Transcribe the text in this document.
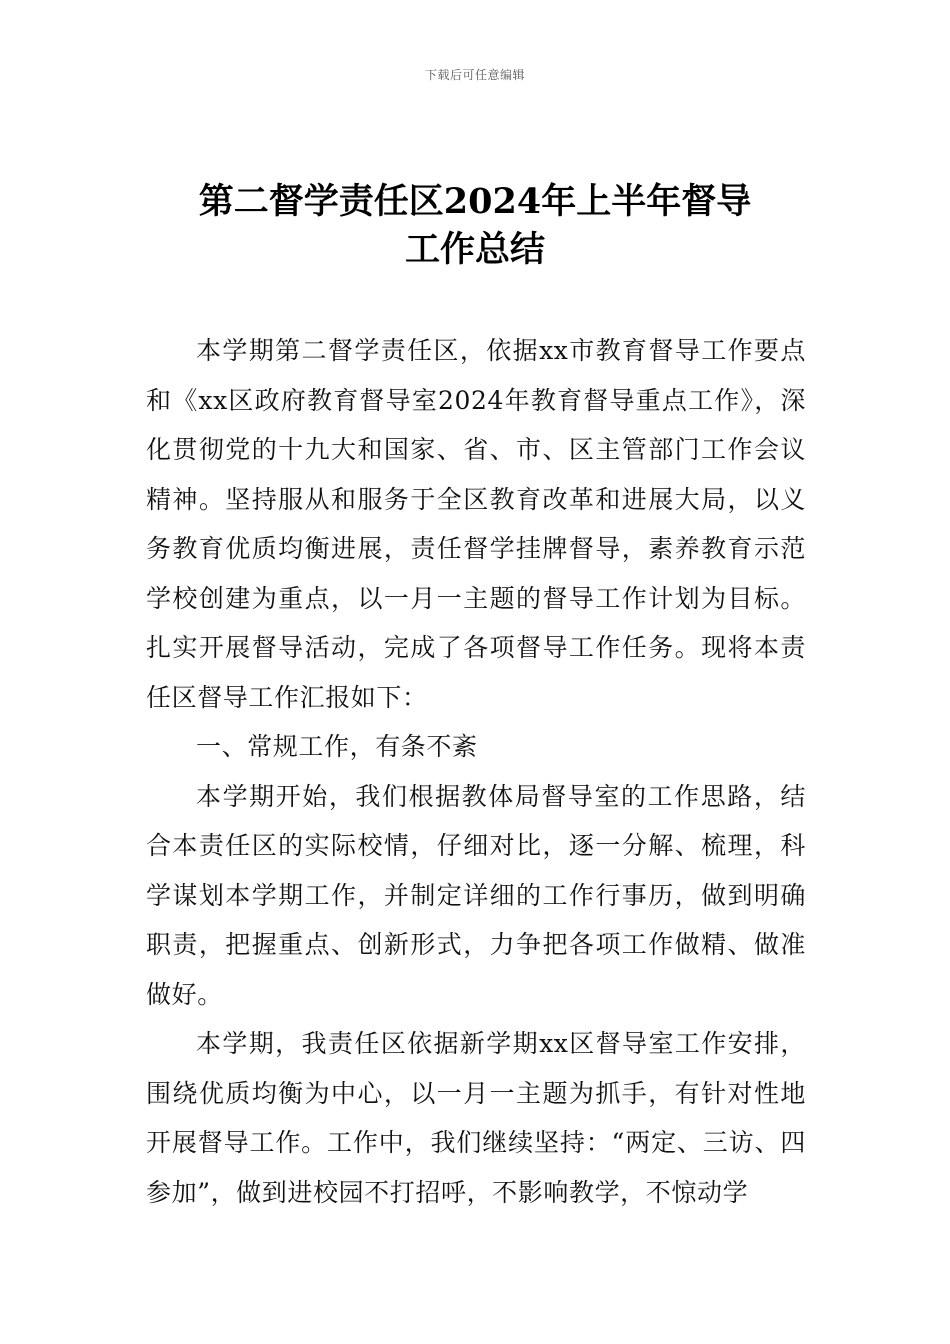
下载后可任意编辑
第二督学责任区2024年上半年督导
工作总结

本学期第二督学责任区，依据xx市教育督导工作要点和《xx区政府教育督导室2024年教育督导重点工作》，深化贯彻党的十九大和国家、省、市、区主管部门工作会议精神。坚持服从和服务于全区教育改革和进展大局，以义务教育优质均衡进展，责任督学挂牌督导，素养教育示范学校创建为重点，以一月一主题的督导工作计划为目标。扎实开展督导活动，完成了各项督导工作任务。现将本责任区督导工作汇报如下：

一、常规工作，有条不紊

本学期开始，我们根据教体局督导室的工作思路，结合本责任区的实际校情，仔细对比，逐一分解、梳理，科学谋划本学期工作，并制定详细的工作行事历，做到明确职责，把握重点、创新形式，力争把各项工作做精、做准做好。

本学期，我责任区依据新学期xx区督导室工作安排，围绕优质均衡为中心，以一月一主题为抓手，有针对性地开展督导工作。工作中，我们继续坚持：“两定、三访、四参加”，做到进校园不打招呼，不影响教学，不惊动学
